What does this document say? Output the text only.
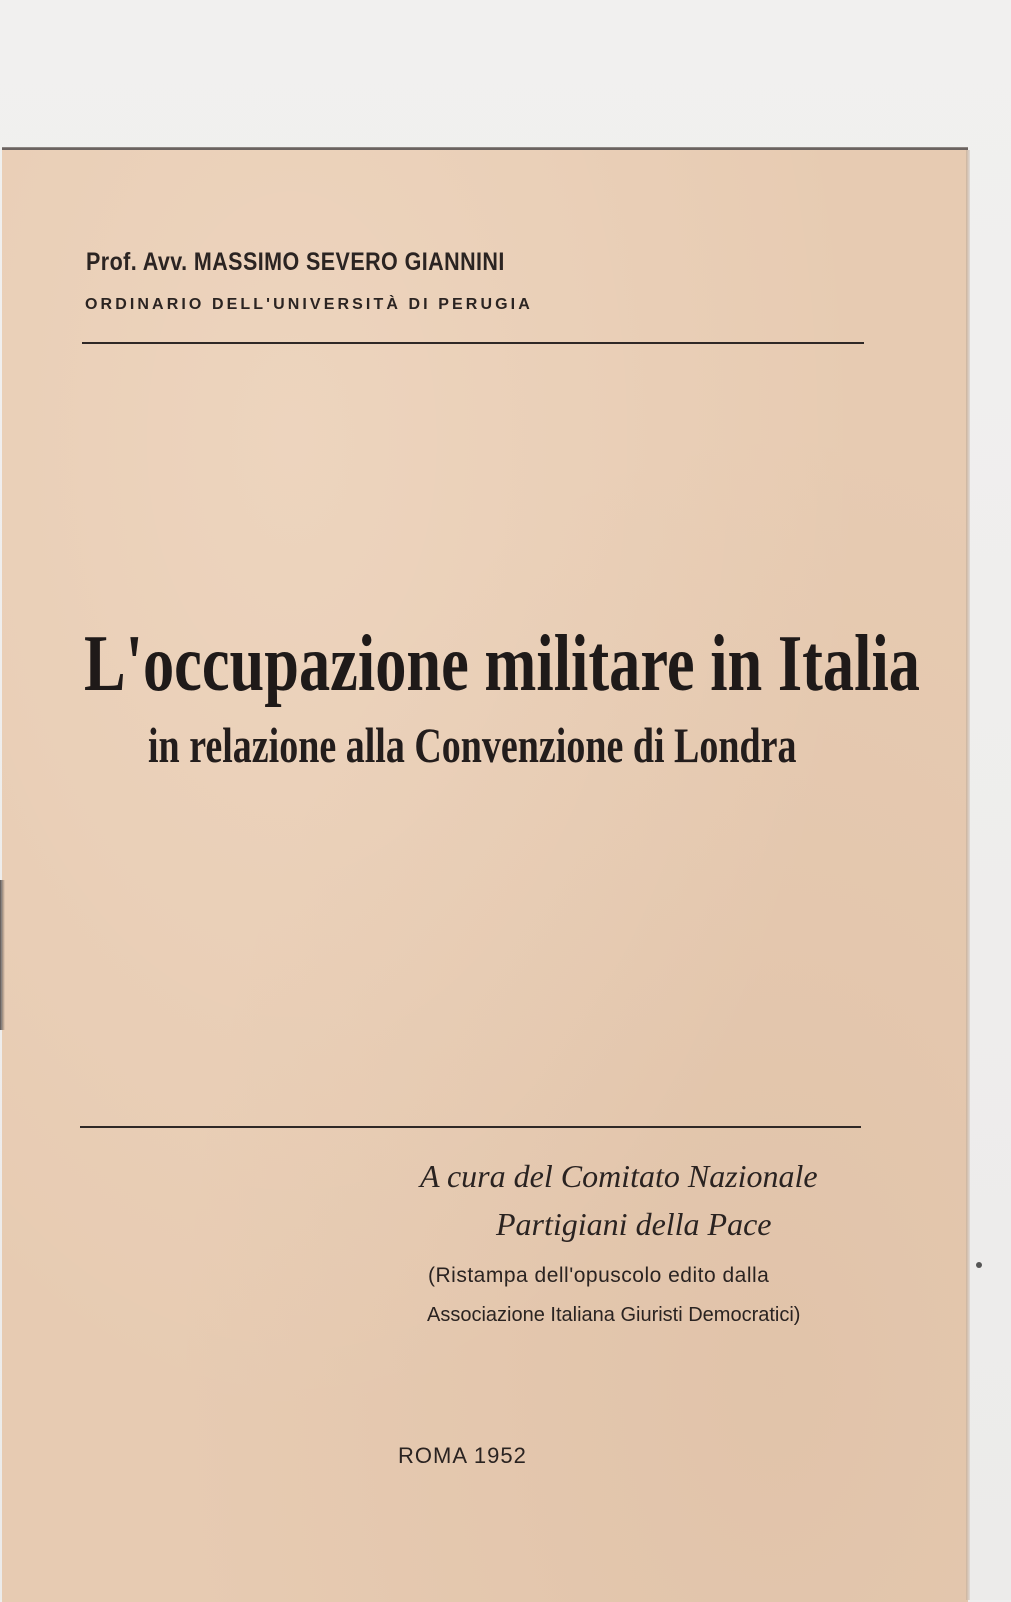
Prof. Avv. MASSIMO SEVERO GIANNINI
ORDINARIO DELL'UNIVERSITÀ DI PERUGIA
L'occupazione militare in Italia
in relazione alla Convenzione di Londra
A cura del Comitato Nazionale
Partigiani della Pace
(Ristampa dell'opuscolo edito dalla
Associazione Italiana Giuristi Democratici)
ROMA 1952
